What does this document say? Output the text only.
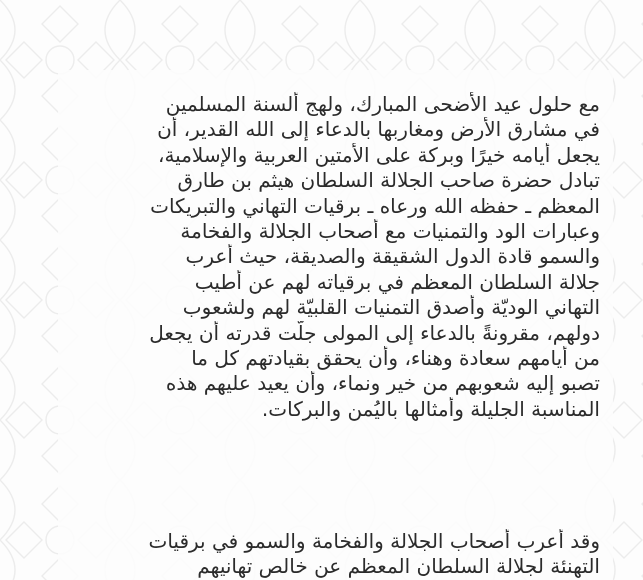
مع حلول عيد الأضحى المبارك، ولهج ألسنة المسلمين
في مشارق الأرض ومغاربها بالدعاء إلى الله القدير، أن
يجعل أيامه خيرًا وبركة على الأمتين العربية والإسلامية،
تبادل حضرة صاحب الجلالة السلطان هيثم بن طارق
المعظم ـ حفظه الله ورعاه ـ برقيات التهاني والتبريكات
وعبارات الود والتمنيات مع أصحاب الجلالة والفخامة
والسمو قادة الدول الشقيقة والصديقة، حيث أعرب
جلالة السلطان المعظم في برقياته لهم عن أطيب
التهاني الوديّة وأصدق التمنيات القلبيّة لهم ولشعوب
دولهم، مقرونةً بالدعاء إلى المولى جلّت قدرته أن يجعل
من أيامهم سعادة وهناء، وأن يحقق بقيادتهم كل ما
تصبو إليه شعوبهم من خير ونماء، وأن يعيد عليهم هذه
المناسبة الجليلة وأمثالها باليُمن والبركات.
وقد أعرب أصحاب الجلالة والفخامة والسمو في برقيات
التهنئة لجلالة السلطان المعظم عن خالص تهانيهم
